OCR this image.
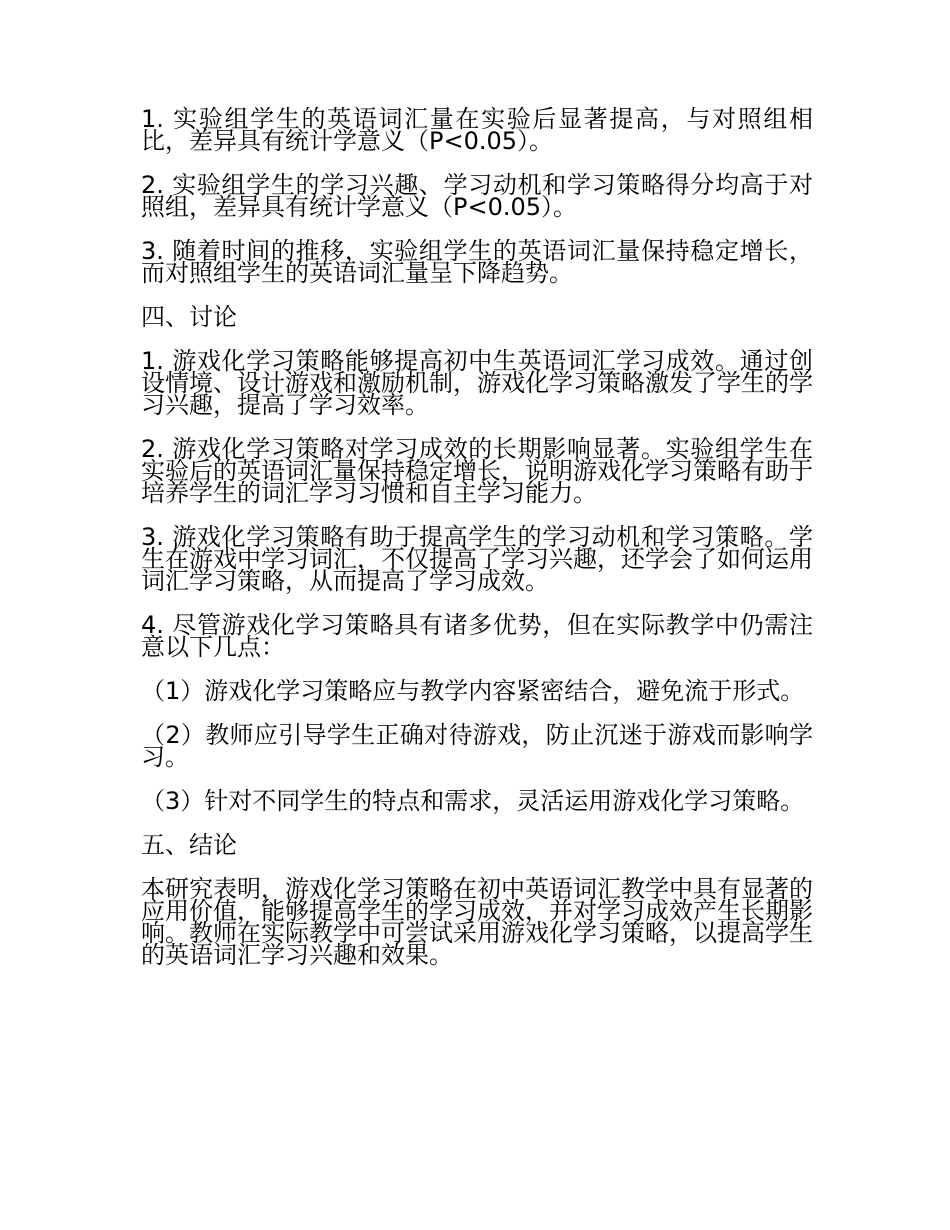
1. 实验组学生的英语词汇量在实验后显著提高，与对照组相比，差异具有统计学意义（P<0.05）。

2. 实验组学生的学习兴趣、学习动机和学习策略得分均高于对照组，差异具有统计学意义（P<0.05）。

3. 随着时间的推移，实验组学生的英语词汇量保持稳定增长，而对照组学生的英语词汇量呈下降趋势。

四、讨论

1. 游戏化学习策略能够提高初中生英语词汇学习成效。通过创设情境、设计游戏和激励机制，游戏化学习策略激发了学生的学习兴趣，提高了学习效率。

2. 游戏化学习策略对学习成效的长期影响显著。实验组学生在实验后的英语词汇量保持稳定增长，说明游戏化学习策略有助于培养学生的词汇学习习惯和自主学习能力。

3. 游戏化学习策略有助于提高学生的学习动机和学习策略。学生在游戏中学习词汇，不仅提高了学习兴趣，还学会了如何运用词汇学习策略，从而提高了学习成效。

4. 尽管游戏化学习策略具有诸多优势，但在实际教学中仍需注意以下几点：

（1）游戏化学习策略应与教学内容紧密结合，避免流于形式。

（2）教师应引导学生正确对待游戏，防止沉迷于游戏而影响学习。

（3）针对不同学生的特点和需求，灵活运用游戏化学习策略。

五、结论

本研究表明，游戏化学习策略在初中英语词汇教学中具有显著的应用价值，能够提高学生的学习成效，并对学习成效产生长期影响。教师在实际教学中可尝试采用游戏化学习策略，以提高学生的英语词汇学习兴趣和效果。
